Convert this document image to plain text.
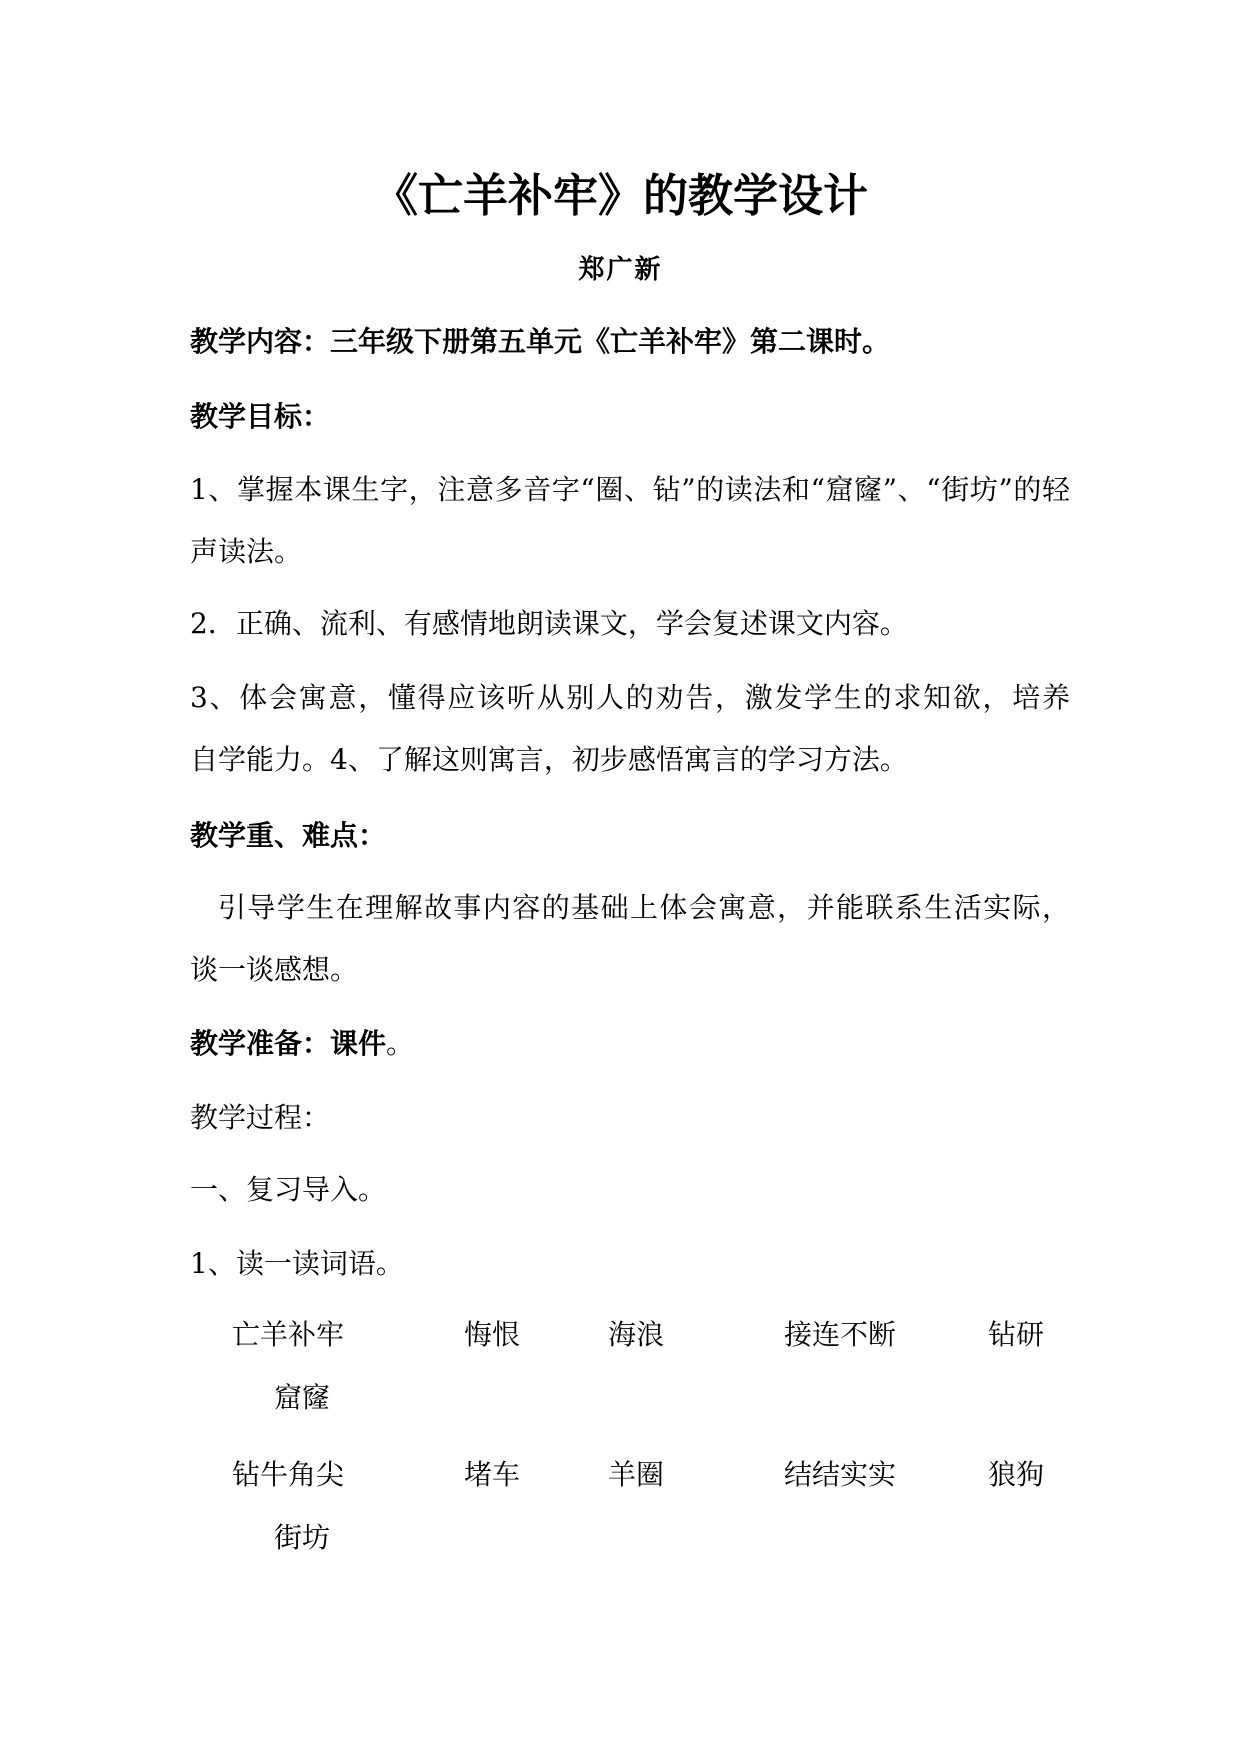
《亡羊补牢》的教学设计
郑广新
教学内容：三年级下册第五单元《亡羊补牢》第二课时。
教学目标：
1、掌握本课生字，注意多音字“圈、钻”的读法和“窟窿”、“街坊”的轻
声读法。
2．正确、流利、有感情地朗读课文，学会复述课文内容。
3、体会寓意，懂得应该听从别人的劝告，激发学生的求知欲，培养
自学能力。4、了解这则寓言，初步感悟寓言的学习方法。
教学重、难点：
引导学生在理解故事内容的基础上体会寓意，并能联系生活实际，
谈一谈感想。
教学准备：课件。
教学过程：
一、复习导入。
1、读一读词语。
亡羊补牢	悔恨	海浪	接连不断	钻研
窟窿
钻牛角尖	堵车	羊圈	结结实实	狼狗
街坊
